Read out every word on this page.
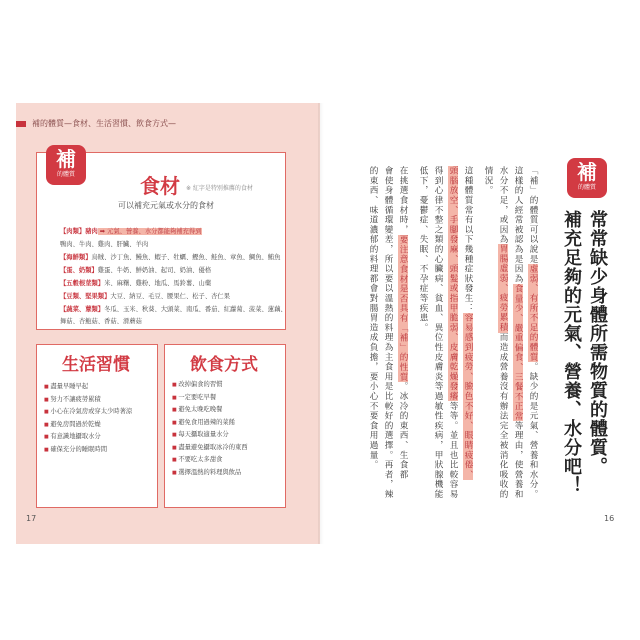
補的體質—食材、生活習慣、飲食方式—
補
的體質	食材 ※ 紅字是特別推薦的食材
可以補充元氣或水分的食材
【肉類】豬肉 ➡ 元氣、營養、水分都能夠補充得到
鴨肉、牛肉、雞肉、肝臟、羊肉
【海鮮類】烏賊、沙丁魚、鰻魚、蝦子、牡蠣、鰹魚、鮭魚、章魚、鯛魚、鮪魚
【蛋、奶類】雞蛋、牛奶、鮮奶油、起司、奶油、優格
【五穀根莖類】米、麻糬、雞粉、地瓜、馬鈴薯、山藥
【豆類、堅果類】大豆、納豆、毛豆、腰果仁、松子、杏仁果
【蔬菜、蕈類】冬瓜、玉米、秋葵、大頭菜、南瓜、番茄、紅蘿蔔、菠菜、蓮藕、
舞菇、杏鮑菇、香菇、滑蘑菇
生活習慣
■ 盡量早睡早起
■ 努力不讓疲勞累積
■ 小心在冷氣房或穿太少時著涼
■ 避免房間過於乾燥
■ 有意識地攝取水分
■ 確保充分的睡眠時間
飲食方式
■ 改掉偏食的習慣
■ 一定要吃早餐
■ 避免太晚吃晚餐
■ 避免食用過辣的菜餚
■ 每天攝取適量水分
■ 盡量避免攝取冰冷的東西
■ 不要吃太多甜食
■ 選擇溫熱的料理與飲品
17	16
補
的體質
常常缺少身體所需物質的體質。
補充足夠的元氣、營養、水分吧！
「補」的體質可以說是虛弱、有所不足的體質。缺少的是元氣、營養和水分。
這樣的人經常被認為是因為食量少、嚴重偏食、三餐不正常等理由，使營養和
水分不足，或因為胃腸虛弱、疲勞累積而造成營養沒有辦法完全被消化吸收的
情況。
這種體質常有以下幾種症狀發生：容易感到疲勞、臉色不好、眼睛疲倦、
頭腦放空、手腳發麻、頭髮或指甲脆弱、皮膚乾燥發癢等等。並且也比較容易
得到心律不整之類的心臟病、貧血、異位性皮膚炎等過敏性疾病，甲狀腺機能
低下，憂鬱症、失眠、不孕症等疾患。
在挑選食材時，要注意食材是否具有「補」的性質。冰冷的東西、生食都
會使身體循環變差，所以要以溫熱的料理為主食用是比較好的選擇。再者，辣
的東西、味道濃郁的料理都會對腸胃造成負擔，要小心不要食用過量。
